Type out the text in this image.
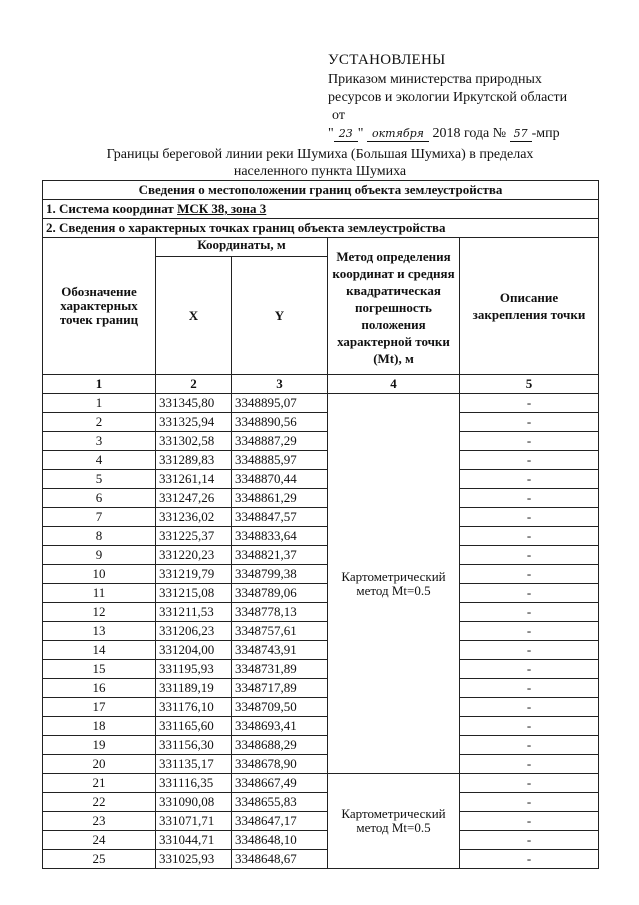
УСТАНОВЛЕНЫ
Приказом министерства природных
ресурсов и экологии Иркутской области
от
" 23 " октября 2018 года № 57 -мпр
Границы береговой линии реки Шумиха (Большая Шумиха) в пределах
населенного пункта Шумиха
Сведения о местоположении границ объекта землеустройства				
1. Система координат МСК 38, зона 3				
2. Сведения о характерных точках границ объекта землеустройства				
Обозначение характерных точек границ	Координаты, м		Метод определения координат и средняя квадратическая погрешность положения характерной точки (Mt), м	Описание закрепления точки
	X	Y		
1	2	3	4	5
1	331345,80	3348895,07	Картометрический метод Mt=0.5	-
2	331325,94	3348890,56		-
3	331302,58	3348887,29		-
4	331289,83	3348885,97		-
5	331261,14	3348870,44		-
6	331247,26	3348861,29		-
7	331236,02	3348847,57		-
8	331225,37	3348833,64		-
9	331220,23	3348821,37		-
10	331219,79	3348799,38		-
11	331215,08	3348789,06		-
12	331211,53	3348778,13		-
13	331206,23	3348757,61		-
14	331204,00	3348743,91		-
15	331195,93	3348731,89		-
16	331189,19	3348717,89		-
17	331176,10	3348709,50		-
18	331165,60	3348693,41		-
19	331156,30	3348688,29		-
20	331135,17	3348678,90		-
21	331116,35	3348667,49	Картометрический метод Mt=0.5	-
22	331090,08	3348655,83		-
23	331071,71	3348647,17		-
24	331044,71	3348648,10		-
25	331025,93	3348648,67		-
